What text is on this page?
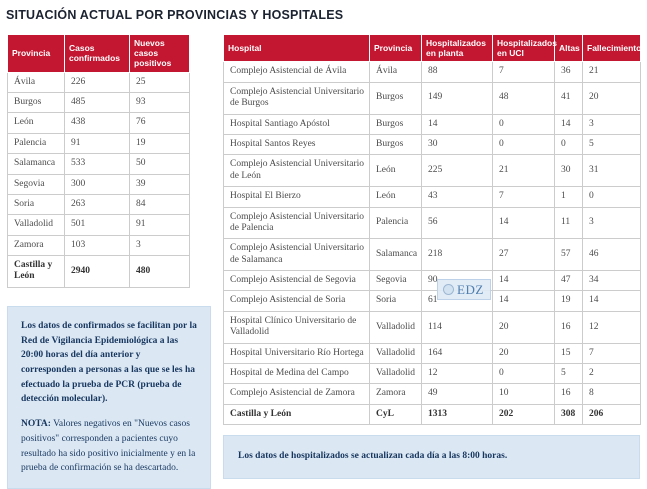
SITUACIÓN ACTUAL POR PROVINCIAS Y HOSPITALES
Provincia	Casos confirmados	Nuevos casos positivos
Ávila	226	25
Burgos	485	93
León	438	76
Palencia	91	19
Salamanca	533	50
Segovia	300	39
Soria	263	84
Valladolid	501	91
Zamora	103	3
Castilla y León	2940	480

Los datos de confirmados se facilitan por la Red de Vigilancia Epidemiológica a las 20:00 horas del día anterior y corresponden a personas a las que se les ha efectuado la prueba de PCR (prueba de detección molecular).

NOTA: Valores negativos en "Nuevos casos positivos" corresponden a pacientes cuyo resultado ha sido positivo inicialmente y en la prueba de confirmación se ha descartado.

Hospital	Provincia	Hospitalizados en planta	Hospitalizados en UCI	Altas	Fallecimientos
Complejo Asistencial de Ávila	Ávila	88	7	36	21
Complejo Asistencial Universitario de Burgos	Burgos	149	48	41	20
Hospital Santiago Apóstol	Burgos	14	0	14	3
Hospital Santos Reyes	Burgos	30	0	0	5
Complejo Asistencial Universitario de León	León	225	21	30	31
Hospital El Bierzo	León	43	7	1	0
Complejo Asistencial Universitario de Palencia	Palencia	56	14	11	3
Complejo Asistencial Universitario de Salamanca	Salamanca	218	27	57	46
Complejo Asistencial de Segovia	Segovia	90	14	47	34
Complejo Asistencial de Soria	Soria	61	14	19	14
Hospital Clínico Universitario de Valladolid	Valladolid	114	20	16	12
Hospital Universitario Río Hortega	Valladolid	164	20	15	7
Hospital de Medina del Campo	Valladolid	12	0	5	2
Complejo Asistencial de Zamora	Zamora	49	10	16	8
Castilla y León	CyL	1313	202	308	206
Los datos de hospitalizados se actualizan cada día a las 8:00 horas.
EDZ
